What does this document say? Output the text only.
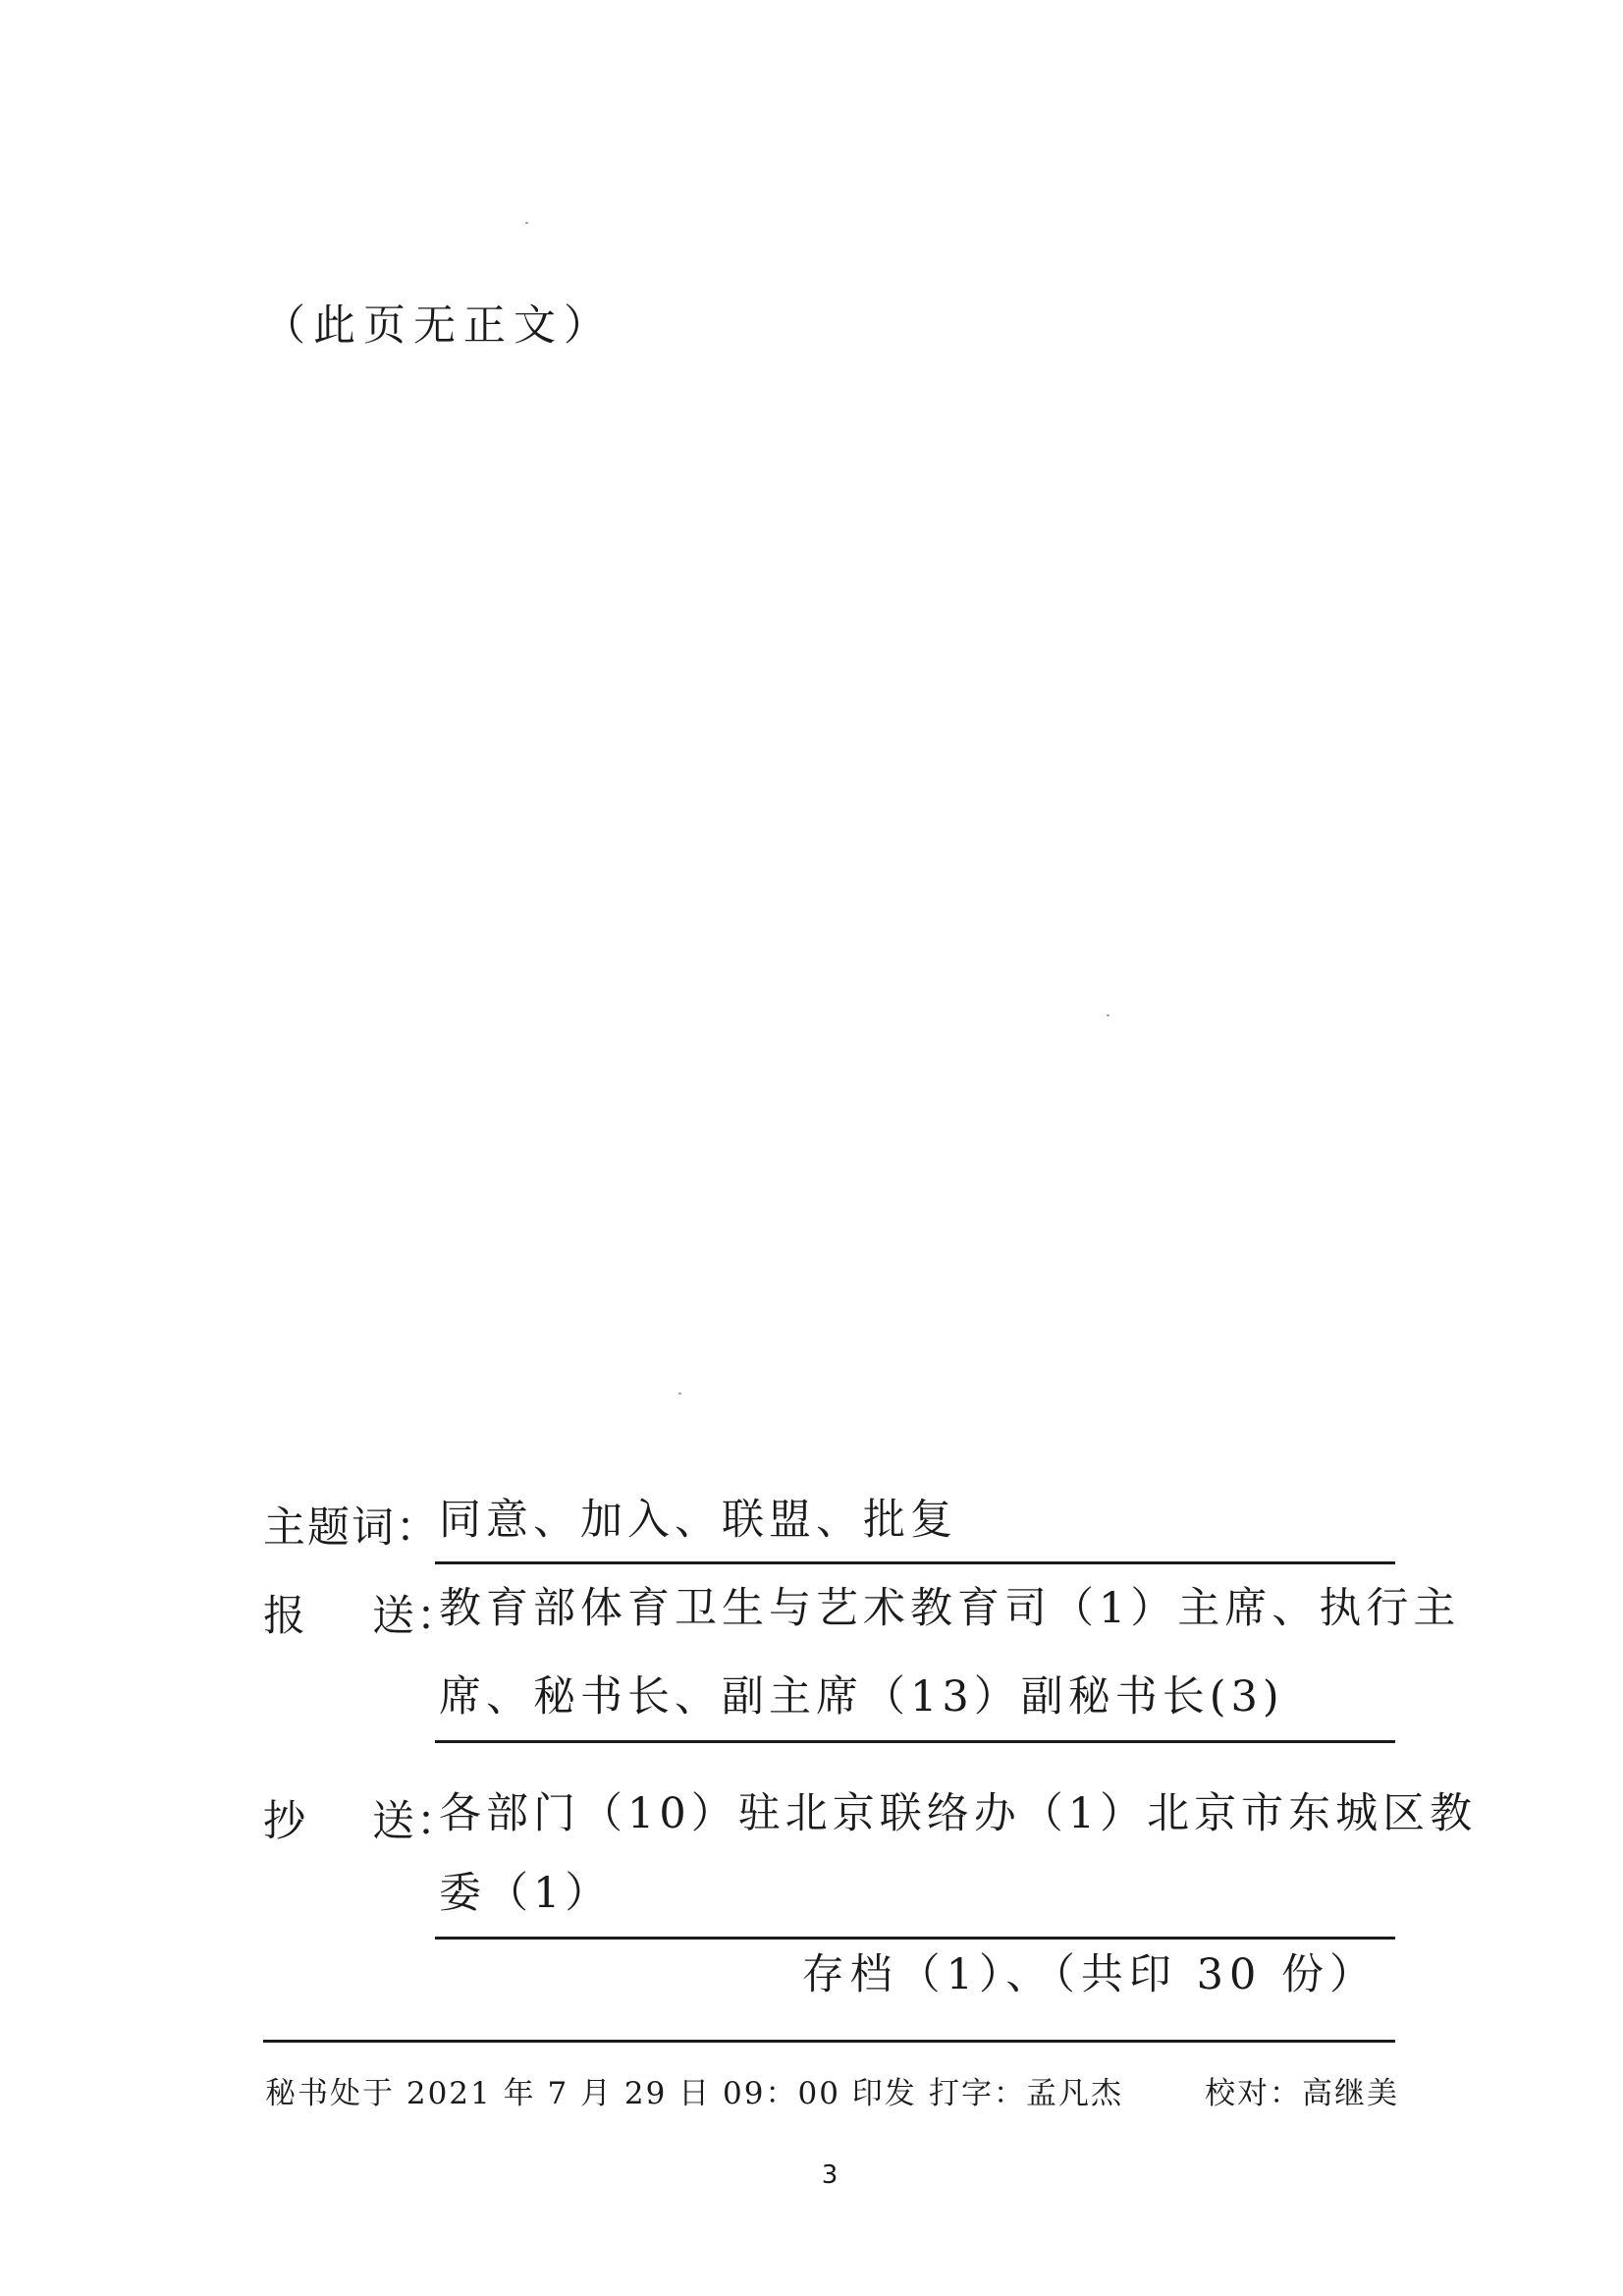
（此页无正文）
主题词： 同意、加入、联盟、批复
报送：
教育部体育卫生与艺术教育司（1）主席、执行主
席、秘书长、副主席（13）副秘书长(3)
抄送：
各部门（10）驻北京联络办（1）北京市东城区教
委（1）
存档（1）、（共印 30 份）
秘书处于 2021 年 7 月 29 日 09：00 印发 打字：孟凡杰	校对：高继美
3
